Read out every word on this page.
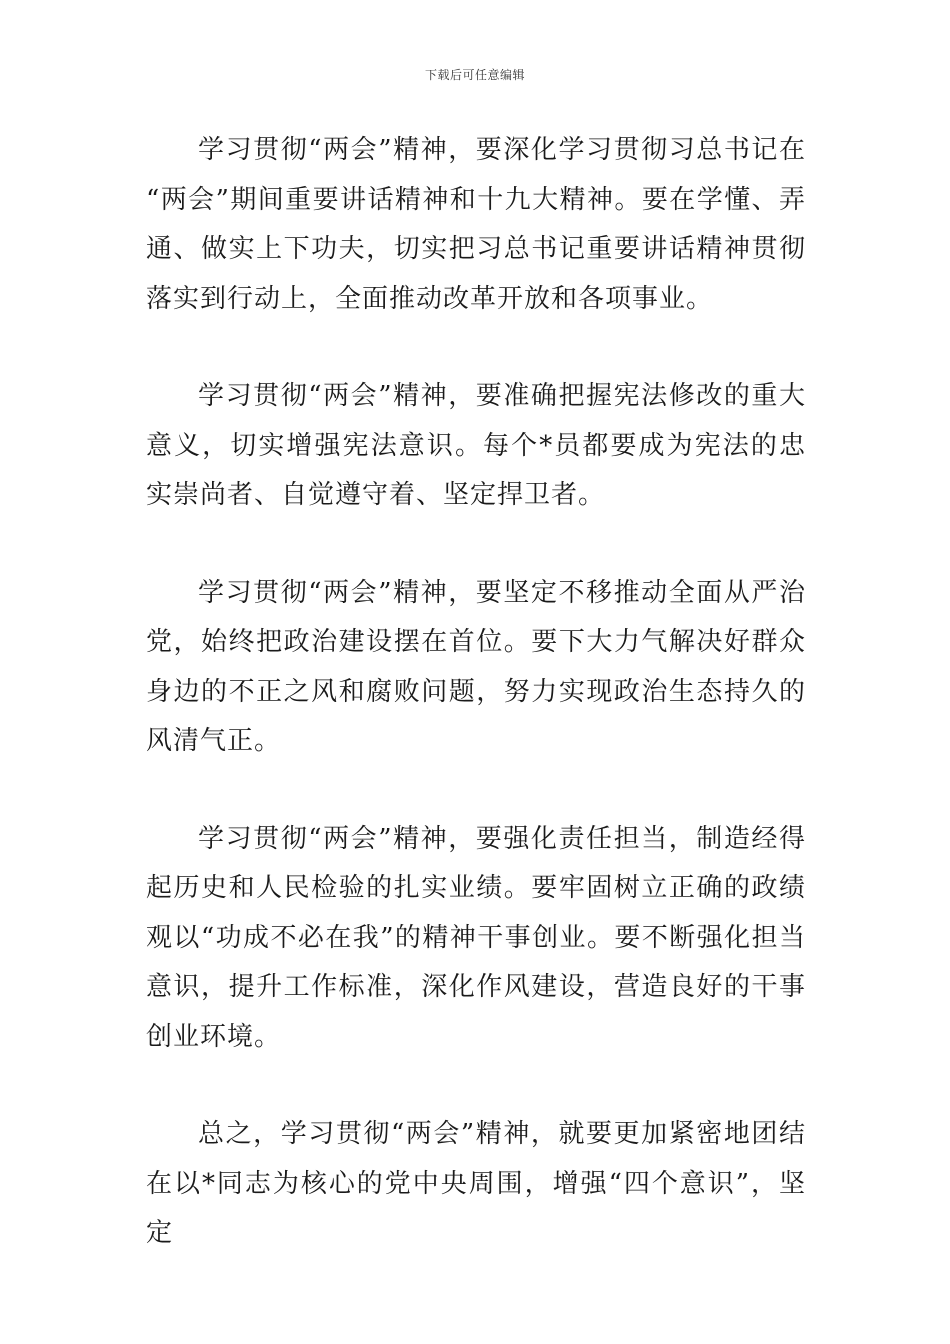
下载后可任意编辑

学习贯彻“两会”精神，要深化学习贯彻习总书记在“两会”期间重要讲话精神和十九大精神。要在学懂、弄通、做实上下功夫，切实把习总书记重要讲话精神贯彻落实到行动上，全面推动改革开放和各项事业。

学习贯彻“两会”精神，要准确把握宪法修改的重大意义，切实增强宪法意识。每个*员都要成为宪法的忠实崇尚者、自觉遵守着、坚定捍卫者。

学习贯彻“两会”精神，要坚定不移推动全面从严治党，始终把政治建设摆在首位。要下大力气解决好群众身边的不正之风和腐败问题，努力实现政治生态持久的风清气正。

学习贯彻“两会”精神，要强化责任担当，制造经得起历史和人民检验的扎实业绩。要牢固树立正确的政绩观以“功成不必在我”的精神干事创业。要不断强化担当意识，提升工作标准，深化作风建设，营造良好的干事创业环境。

总之，学习贯彻“两会”精神，就要更加紧密地团结在以*同志为核心的党中央周围，增强“四个意识”，坚定
